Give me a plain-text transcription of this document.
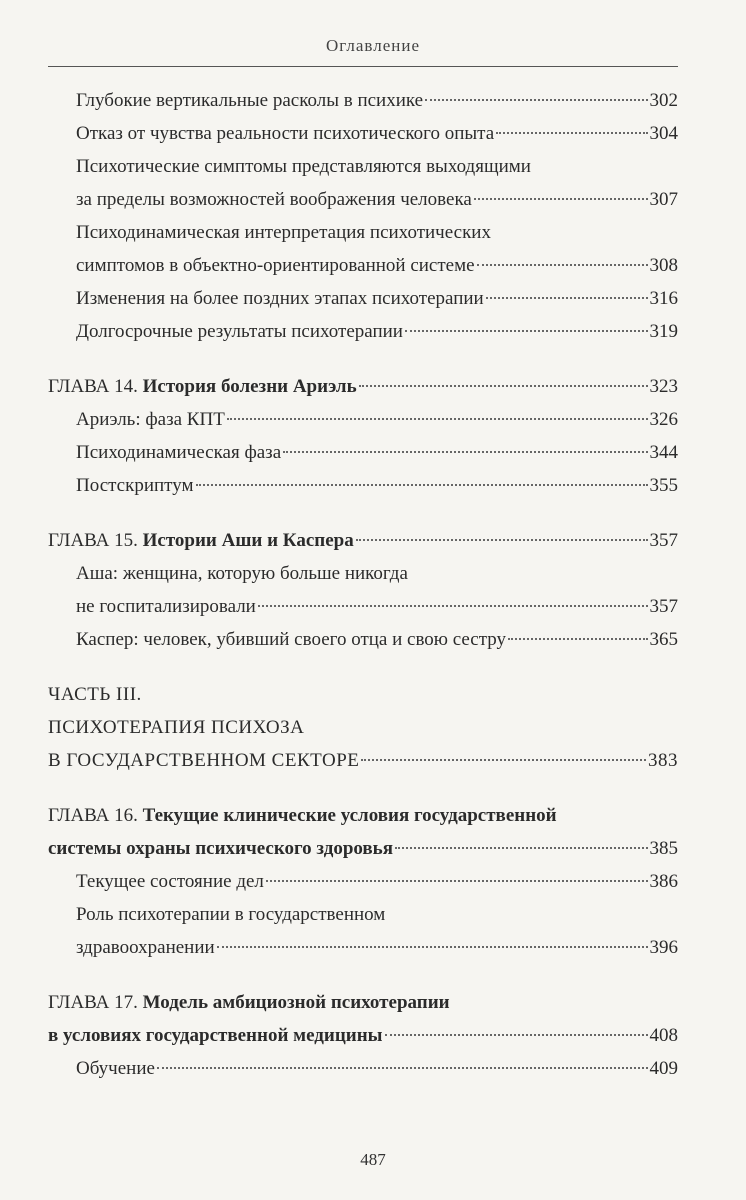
Оглавление
Глубокие вертикальные расколы в психике	302
Отказ от чувства реальности психотического опыта	304
Психотические симптомы представляются выходящими
за пределы возможностей воображения человека	307
Психодинамическая интерпретация психотических
симптомов в объектно-ориентированной системе	308
Изменения на более поздних этапах психотерапии	316
Долгосрочные результаты психотерапии	319
ГЛАВА 14. История болезни Ариэль	323
Ариэль: фаза КПТ	326
Психодинамическая фаза	344
Постскриптум	355
ГЛАВА 15. Истории Аши и Каспера	357
Аша: женщина, которую больше никогда
не госпитализировали	357
Каспер: человек, убивший своего отца и свою сестру	365
ЧАСТЬ III.
ПСИХОТЕРАПИЯ ПСИХОЗА
В ГОСУДАРСТВЕННОМ СЕКТОРЕ	383
ГЛАВА 16. Текущие клинические условия государственной
системы охраны психического здоровья	385
Текущее состояние дел	386
Роль психотерапии в государственном
здравоохранении	396
ГЛАВА 17. Модель амбициозной психотерапии
в условиях государственной медицины	408
Обучение	409
487
